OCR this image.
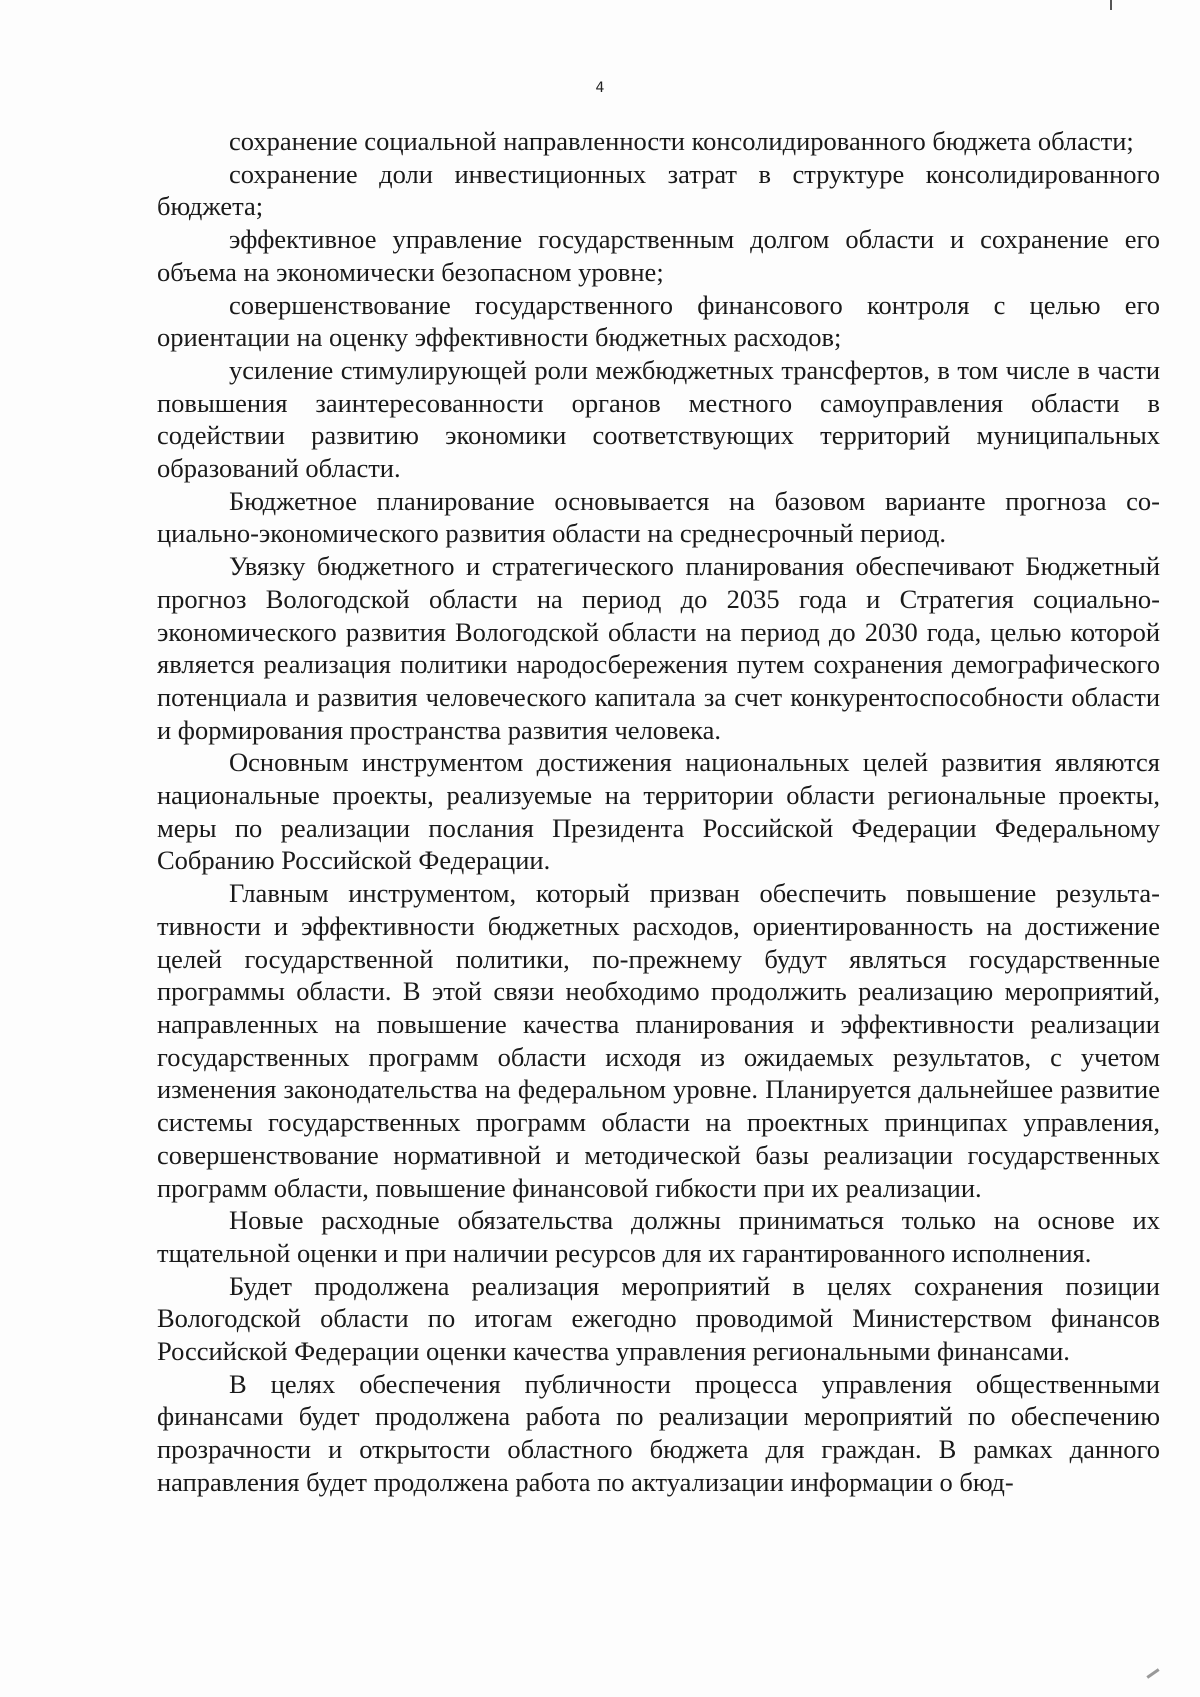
4

сохранение социальной направленности консолидированного бюджета области;

сохранение доли инвестиционных затрат в структуре консолидированного бюджета;

эффективное управление государственным долгом области и сохранение его объема на экономически безопасном уровне;

совершенствование государственного финансового контроля с целью его ориентации на оценку эффективности бюджетных расходов;

усиление стимулирующей роли межбюджетных трансфертов, в том числе в части повышения заинтересованности органов местного самоуправления области в содействии развитию экономики соответствующих территорий муниципальных образований области.

Бюджетное планирование основывается на базовом варианте прогноза социально-экономического развития области на среднесрочный период.

Увязку бюджетного и стратегического планирования обеспечивают Бюджетный прогноз Вологодской области на период до 2035 года и Стратегия социально-экономического развития Вологодской области на период до 2030 года, целью которой является реализация политики народосбережения путем сохранения демографического потенциала и развития человеческого капитала за счет конкурентоспособности области и формирования пространства развития человека.

Основным инструментом достижения национальных целей развития являются национальные проекты, реализуемые на территории области региональные проекты, меры по реализации послания Президента Российской Федерации Федеральному Собранию Российской Федерации.

Главным инструментом, который призван обеспечить повышение результативности и эффективности бюджетных расходов, ориентированность на достижение целей государственной политики, по-прежнему будут являться государственные программы области. В этой связи необходимо продолжить реализацию мероприятий, направленных на повышение качества планирования и эффективности реализации государственных программ области исходя из ожидаемых результатов, с учетом изменения законодательства на федеральном уровне. Планируется дальнейшее развитие системы государственных программ области на проектных принципах управления, совершенствование нормативной и методической базы реализации государственных программ области, повышение финансовой гибкости при их реализации.

Новые расходные обязательства должны приниматься только на основе их тщательной оценки и при наличии ресурсов для их гарантированного исполнения.

Будет продолжена реализация мероприятий в целях сохранения позиции Вологодской области по итогам ежегодно проводимой Министерством финансов Российской Федерации оценки качества управления региональными финансами.

В целях обеспечения публичности процесса управления общественными финансами будет продолжена работа по реализации мероприятий по обеспечению прозрачности и открытости областного бюджета для граждан. В рамках данного направления будет продолжена работа по актуализации информации о бюд-
